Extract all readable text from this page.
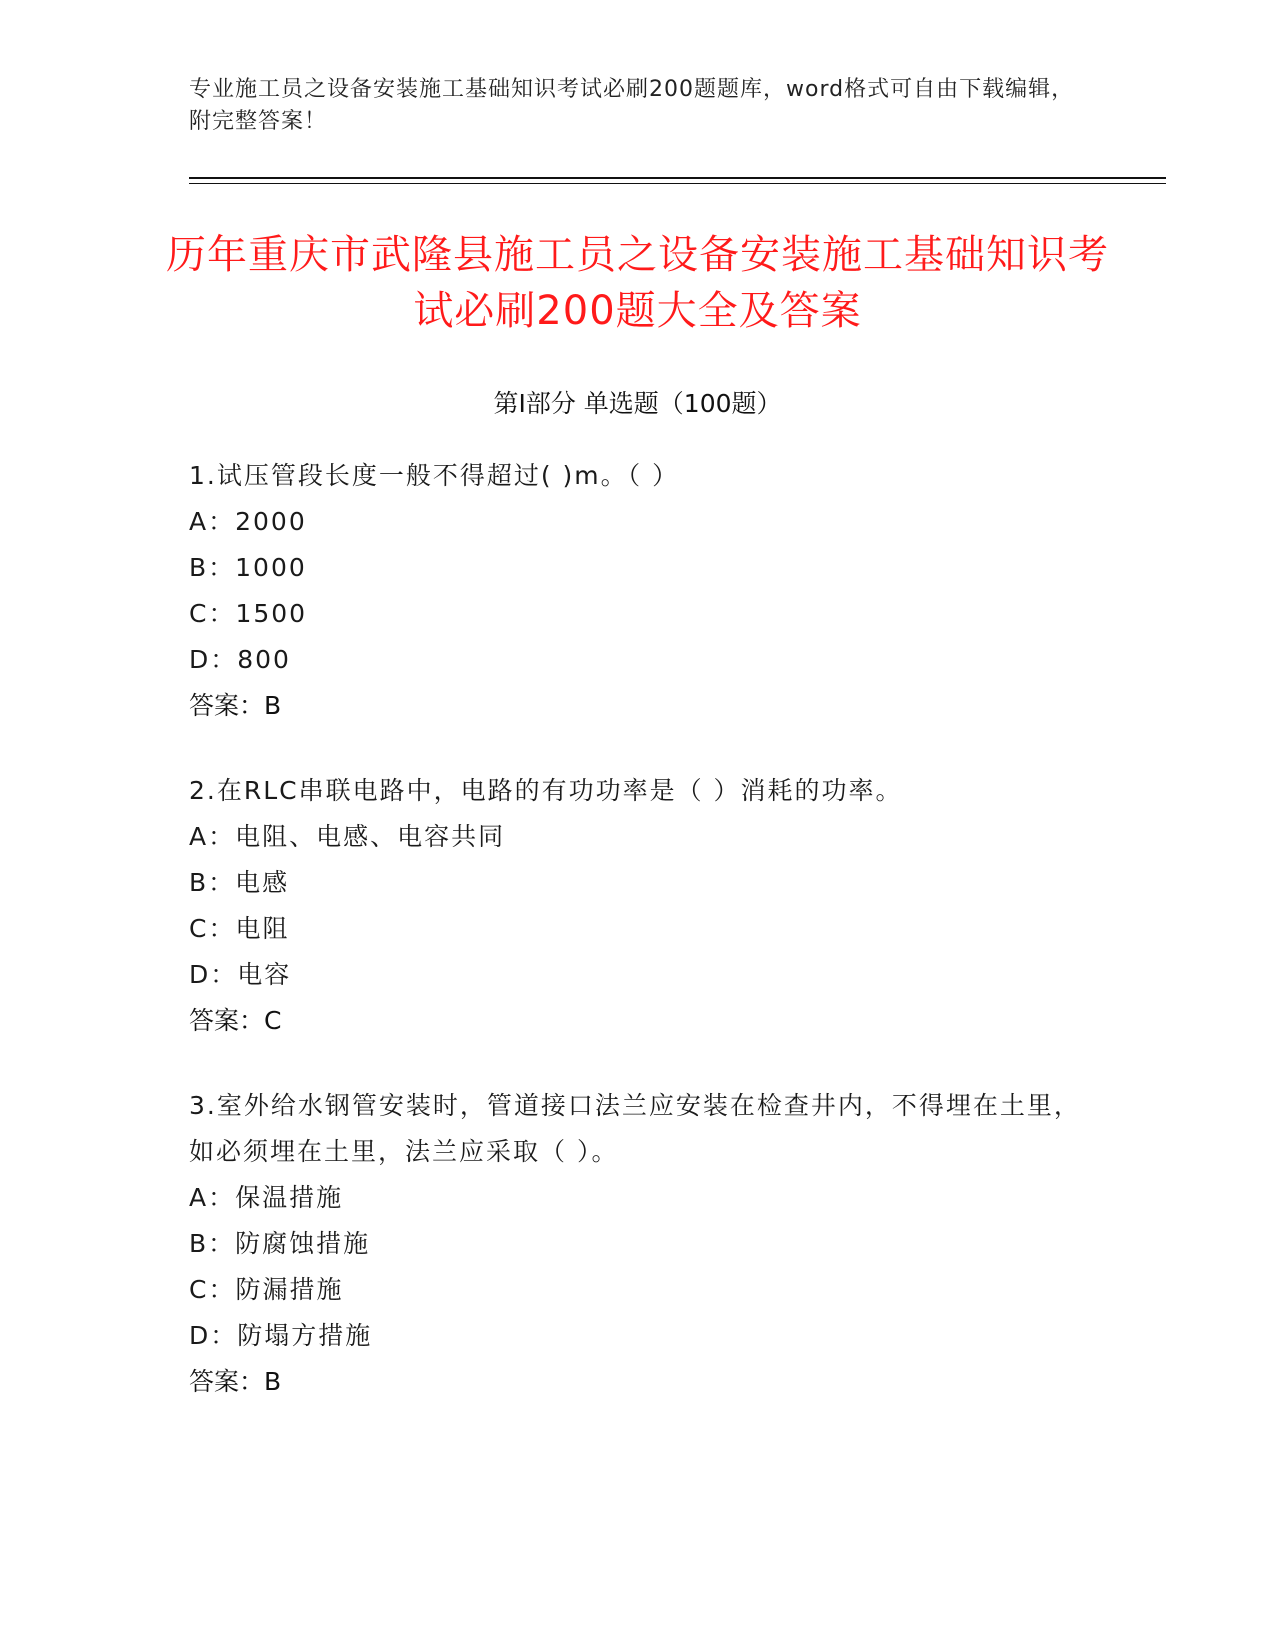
专业施工员之设备安装施工基础知识考试必刷200题题库，word格式可自由下载编辑，附完整答案！
历年重庆市武隆县施工员之设备安装施工基础知识考试必刷200题大全及答案
第Ⅰ部分 单选题（100题）
1.试压管段长度一般不得超过( )m。（ ）
A：2000
B：1000
C：1500
D：800
答案：B
2.在RLC串联电路中，电路的有功功率是（ ）消耗的功率。
A：电阻、电感、电容共同
B：电感
C：电阻
D：电容
答案：C
3.室外给水钢管安装时，管道接口法兰应安装在检查井内，不得埋在土里，如必须埋在土里，法兰应采取（ ）。
A：保温措施
B：防腐蚀措施
C：防漏措施
D：防塌方措施
答案：B
